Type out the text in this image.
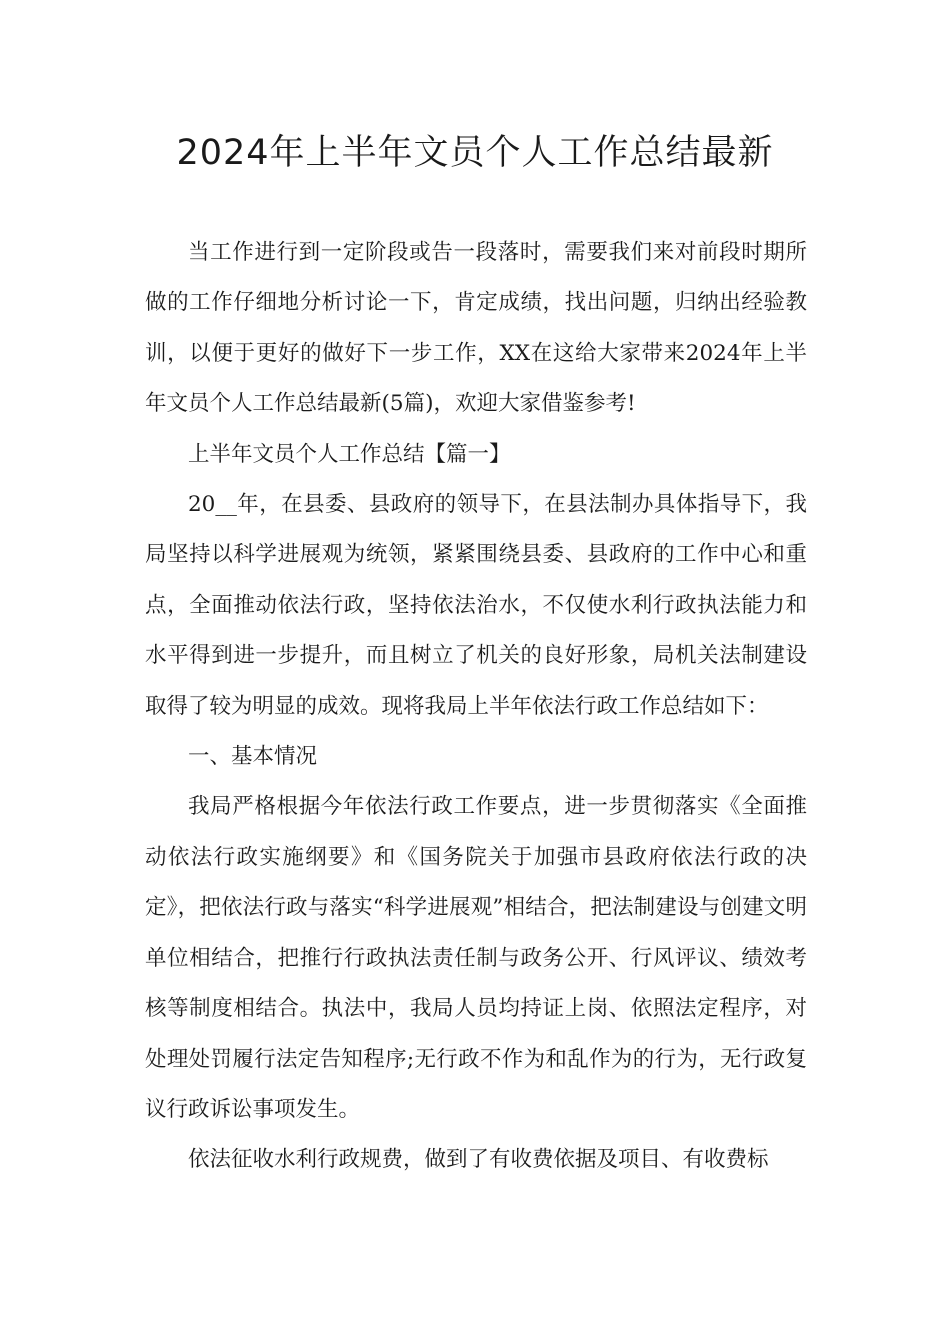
2024年上半年文员个人工作总结最新

当工作进行到一定阶段或告一段落时，需要我们来对前段时期所做的工作仔细地分析讨论一下，肯定成绩，找出问题，归纳出经验教训，以便于更好的做好下一步工作，XX在这给大家带来2024年上半年文员个人工作总结最新(5篇)，欢迎大家借鉴参考!

上半年文员个人工作总结【篇一】

20__年，在县委、县政府的领导下，在县法制办具体指导下，我局坚持以科学进展观为统领，紧紧围绕县委、县政府的工作中心和重点，全面推动依法行政，坚持依法治水，不仅使水利行政执法能力和水平得到进一步提升，而且树立了机关的良好形象，局机关法制建设取得了较为明显的成效。现将我局上半年依法行政工作总结如下：

一、基本情况

我局严格根据今年依法行政工作要点，进一步贯彻落实《全面推动依法行政实施纲要》和《国务院关于加强市县政府依法行政的决定》，把依法行政与落实“科学进展观”相结合，把法制建设与创建文明单位相结合，把推行行政执法责任制与政务公开、行风评议、绩效考核等制度相结合。执法中，我局人员均持证上岗、依照法定程序，对处理处罚履行法定告知程序;无行政不作为和乱作为的行为，无行政复议行政诉讼事项发生。

依法征收水利行政规费，做到了有收费依据及项目、有收费标
